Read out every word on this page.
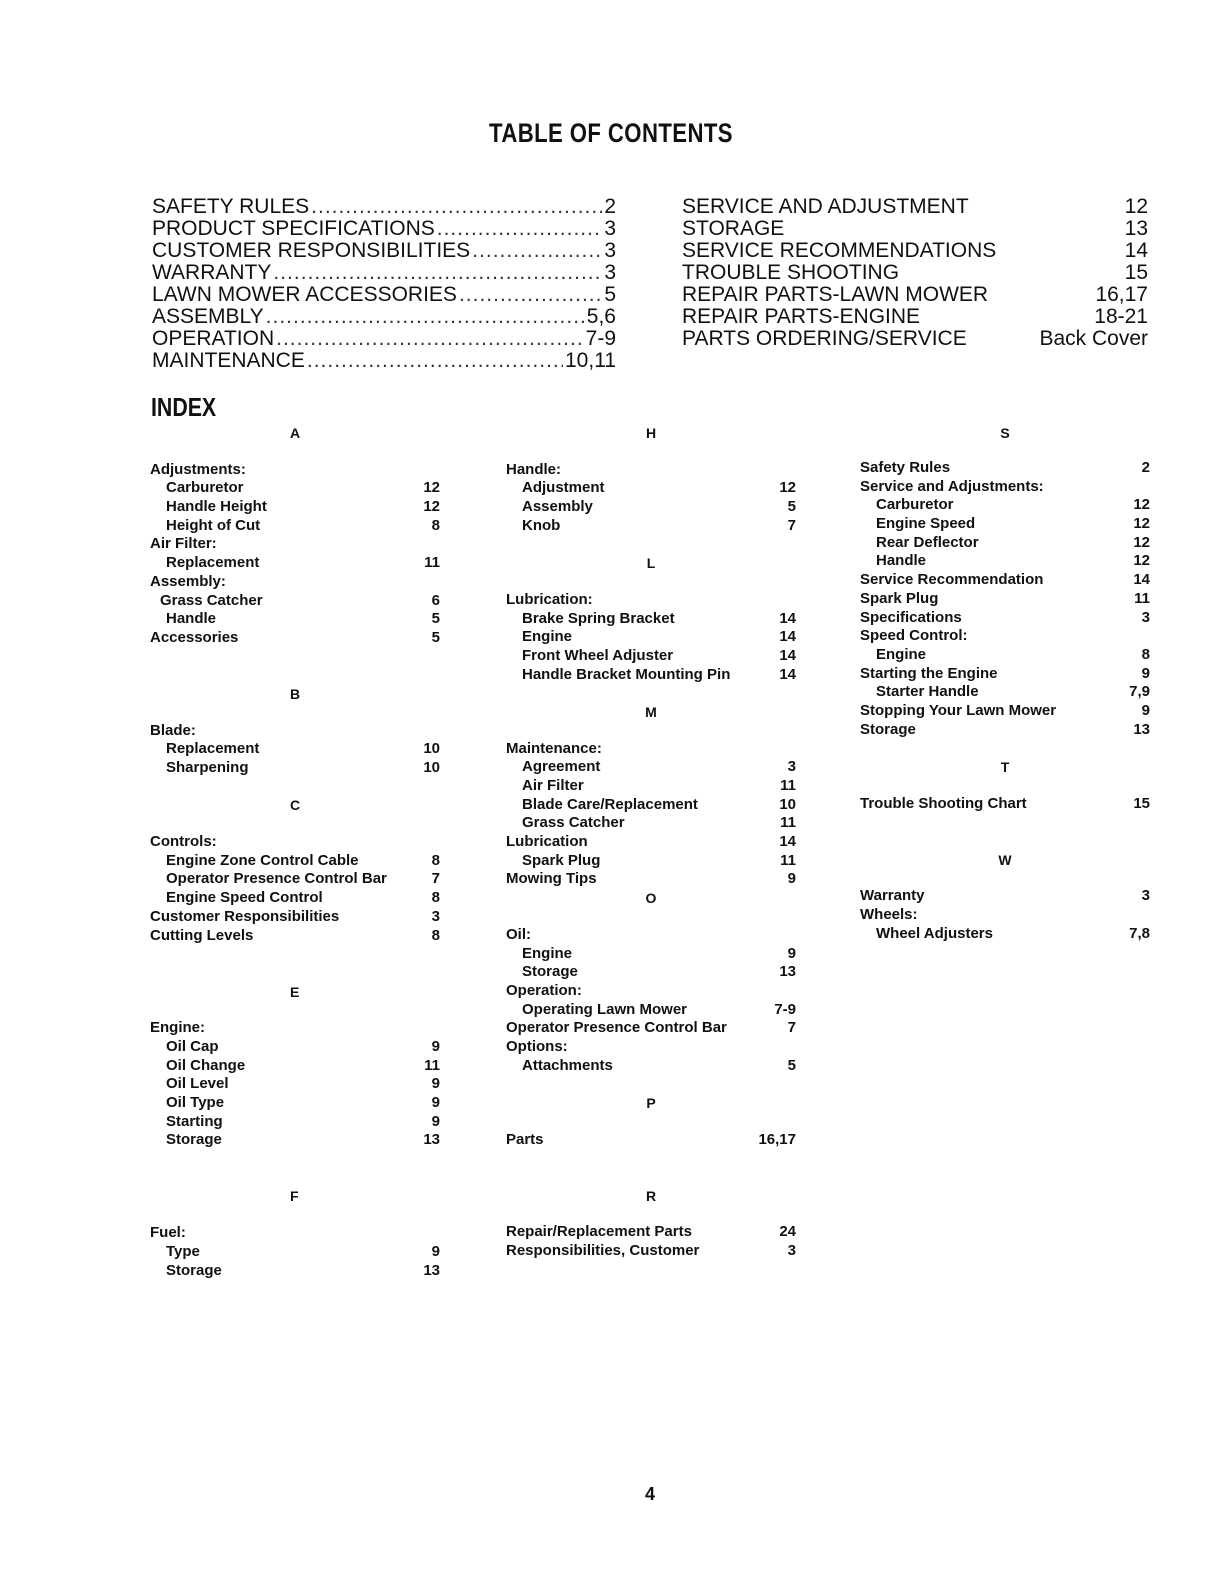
TABLE OF CONTENTS
SAFETY RULES .....	2
PRODUCT SPECIFICATIONS .....	3
CUSTOMER RESPONSIBILITIES .....	3
WARRANTY .....	3
LAWN MOWER ACCESSORIES .....	5
ASSEMBLY .....	5,6
OPERATION .....	7-9
MAINTENANCE .....	10,11
SERVICE AND ADJUSTMENT	12
STORAGE	13
SERVICE RECOMMENDATIONS	14
TROUBLE SHOOTING	15
REPAIR PARTS-LAWN MOWER	16,17
REPAIR PARTS-ENGINE	18-21
PARTS ORDERING/SERVICE	Back Cover
INDEX
A
Adjustments:
Carburetor	12
Handle Height	12
Height of Cut	8
Air Filter:
Replacement	11
Assembly:
Grass Catcher	6
Handle	5
Accessories	5
B
Blade:
Replacement	10
Sharpening	10
C
Controls:
Engine Zone Control Cable	8
Operator Presence Control Bar	7
Engine Speed Control	8
Customer Responsibilities	3
Cutting Levels	8
E
Engine:
Oil Cap	9
Oil Change	11
Oil Level	9
Oil Type	9
Starting	9
Storage	13
F
Fuel:
Type	9
Storage	13
H
Handle:
Adjustment	12
Assembly	5
Knob	7
L
Lubrication:
Brake Spring Bracket	14
Engine	14
Front Wheel Adjuster	14
Handle Bracket Mounting Pin	14
M
Maintenance:
Agreement	3
Air Filter	11
Blade Care/Replacement	10
Grass Catcher	11
Lubrication	14
Spark Plug	11
Mowing Tips	9
O
Oil:
Engine	9
Storage	13
Operation:
Operating Lawn Mower	7-9
Operator Presence Control Bar	7
Options:
Attachments	5
P
Parts	16,17
R
Repair/Replacement Parts	24
Responsibilities, Customer	3
S
Safety Rules	2
Service and Adjustments:
Carburetor	12
Engine Speed	12
Rear Deflector	12
Handle	12
Service Recommendation	14
Spark Plug	11
Specifications	3
Speed Control:
Engine	8
Starting the Engine	9
Starter Handle	7,9
Stopping Your Lawn Mower	9
Storage	13
T
Trouble Shooting Chart	15
W
Warranty	3
Wheels:
Wheel Adjusters	7,8
4
